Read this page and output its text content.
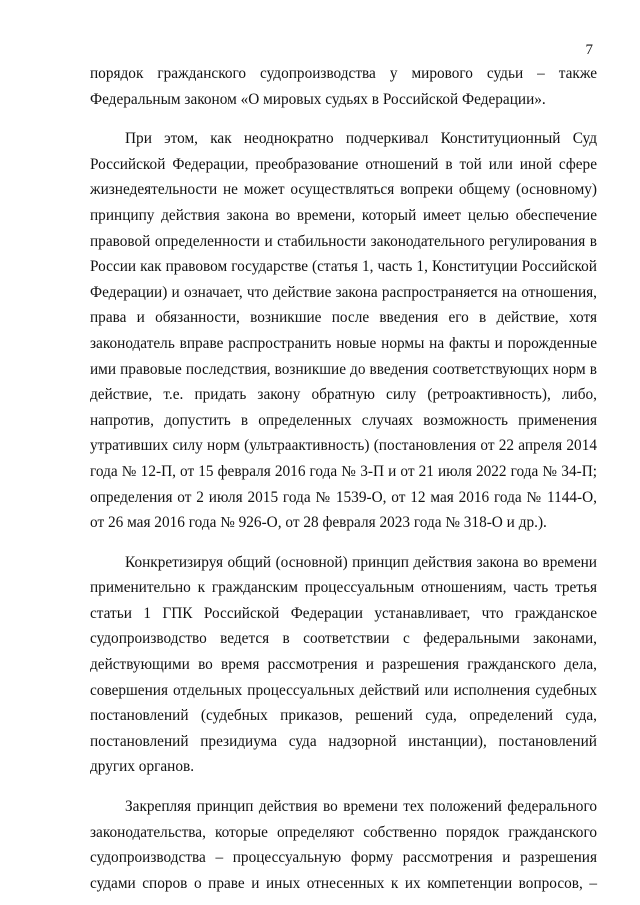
7
порядок гражданского судопроизводства у мирового судьи – также
Федеральным законом «О мировых судьях в Российской Федерации».
При этом, как неоднократно подчеркивал Конституционный Суд
Российской Федерации, преобразование отношений в той или иной сфере
жизнедеятельности не может осуществляться вопреки общему (основному)
принципу действия закона во времени, который имеет целью обеспечение
правовой определенности и стабильности законодательного регулирования в
России как правовом государстве (статья 1, часть 1, Конституции Российской
Федерации) и означает, что действие закона распространяется на отношения,
права и обязанности, возникшие после введения его в действие, хотя
законодатель вправе распространить новые нормы на факты и порожденные
ими правовые последствия, возникшие до введения соответствующих норм в
действие, т.е. придать закону обратную силу (ретроактивность), либо,
напротив, допустить в определенных случаях возможность применения
утративших силу норм (ультраактивность) (постановления от 22 апреля 2014
года № 12-П, от 15 февраля 2016 года № 3-П и от 21 июля 2022 года № 34-П;
определения от 2 июля 2015 года № 1539-О, от 12 мая 2016 года № 1144-О,
от 26 мая 2016 года № 926-О, от 28 февраля 2023 года № 318-О и др.).
Конкретизируя общий (основной) принцип действия закона во времени
применительно к гражданским процессуальным отношениям, часть третья
статьи 1 ГПК Российской Федерации устанавливает, что гражданское
судопроизводство ведется в соответствии с федеральными законами,
действующими во время рассмотрения и разрешения гражданского дела,
совершения отдельных процессуальных действий или исполнения судебных
постановлений (судебных приказов, решений суда, определений суда,
постановлений президиума суда надзорной инстанции), постановлений
других органов.
Закрепляя принцип действия во времени тех положений федерального
законодательства, которые определяют собственно порядок гражданского
судопроизводства – процессуальную форму рассмотрения и разрешения
судами споров о праве и иных отнесенных к их компетенции вопросов, –
